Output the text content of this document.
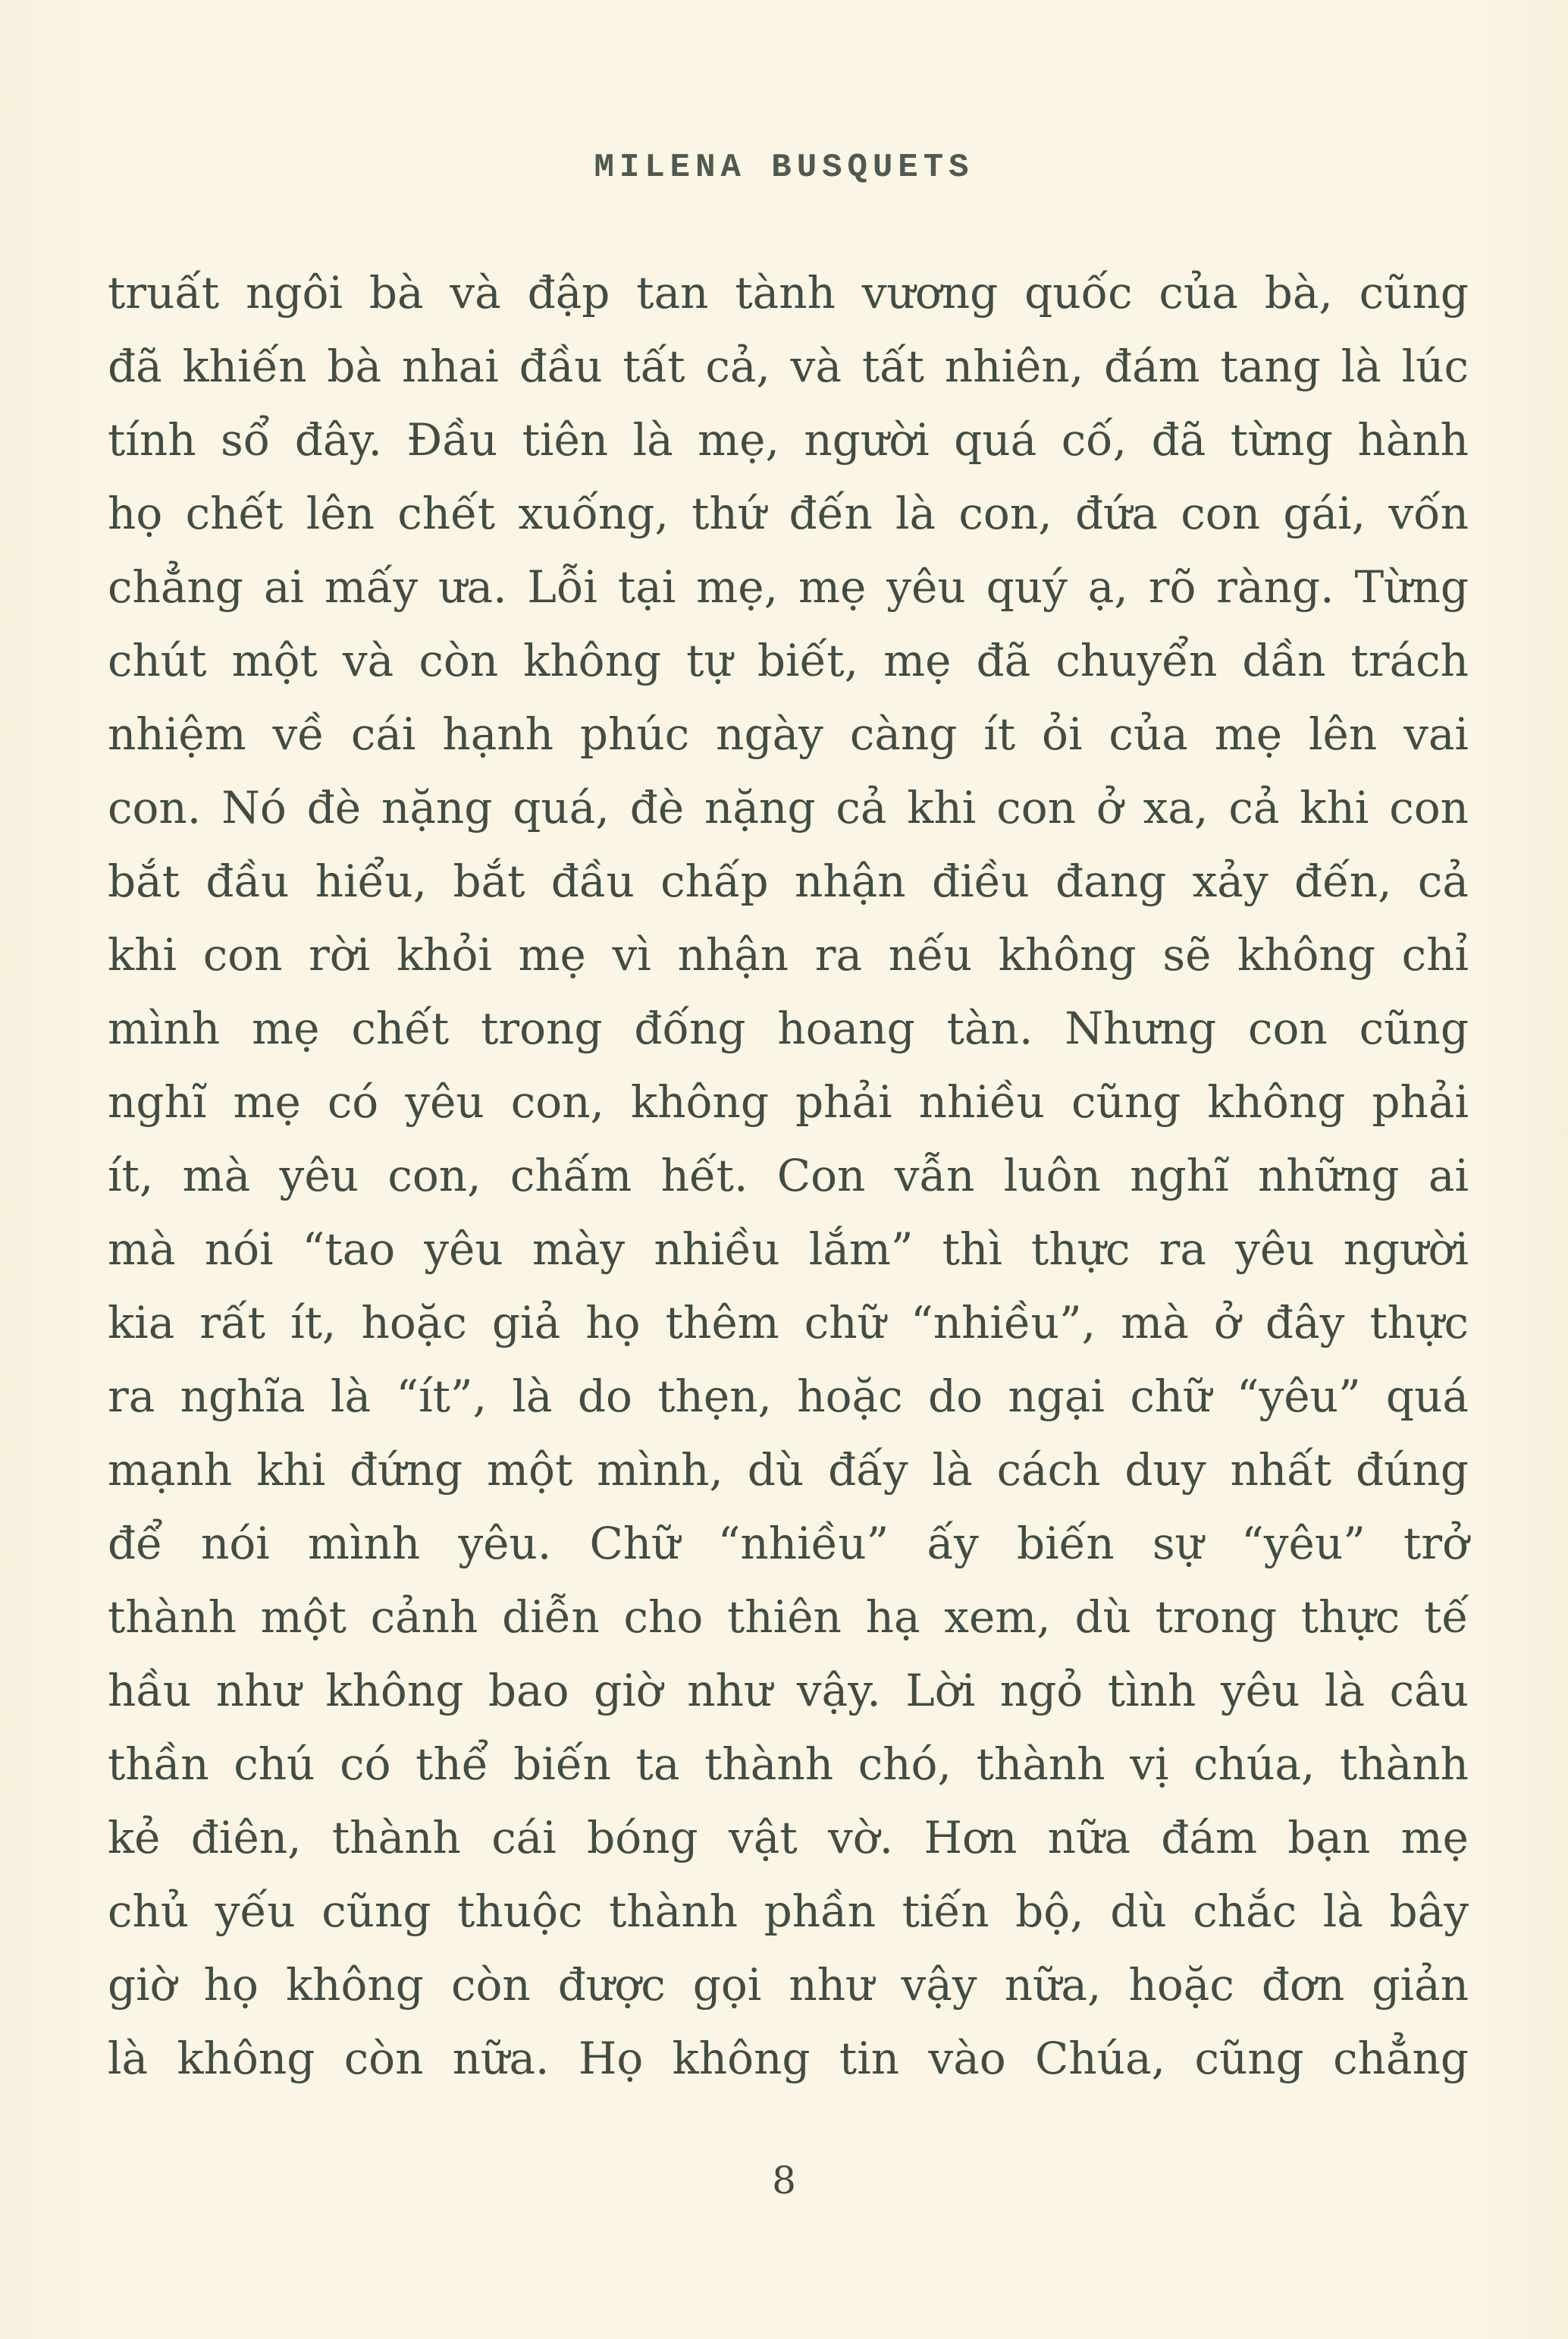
MILENA BUSQUETS
truất ngôi bà và đập tan tành vương quốc của bà, cũng
đã khiến bà nhai đầu tất cả, và tất nhiên, đám tang là lúc
tính sổ đây. Đầu tiên là mẹ, người quá cố, đã từng hành
họ chết lên chết xuống, thứ đến là con, đứa con gái, vốn
chẳng ai mấy ưa. Lỗi tại mẹ, mẹ yêu quý ạ, rõ ràng. Từng
chút một và còn không tự biết, mẹ đã chuyển dần trách
nhiệm về cái hạnh phúc ngày càng ít ỏi của mẹ lên vai
con. Nó đè nặng quá, đè nặng cả khi con ở xa, cả khi con
bắt đầu hiểu, bắt đầu chấp nhận điều đang xảy đến, cả
khi con rời khỏi mẹ vì nhận ra nếu không sẽ không chỉ
mình mẹ chết trong đống hoang tàn. Nhưng con cũng
nghĩ mẹ có yêu con, không phải nhiều cũng không phải
ít, mà yêu con, chấm hết. Con vẫn luôn nghĩ những ai
mà nói “tao yêu mày nhiều lắm” thì thực ra yêu người
kia rất ít, hoặc giả họ thêm chữ “nhiều”, mà ở đây thực
ra nghĩa là “ít”, là do thẹn, hoặc do ngại chữ “yêu” quá
mạnh khi đứng một mình, dù đấy là cách duy nhất đúng
để nói mình yêu. Chữ “nhiều” ấy biến sự “yêu” trở
thành một cảnh diễn cho thiên hạ xem, dù trong thực tế
hầu như không bao giờ như vậy. Lời ngỏ tình yêu là câu
thần chú có thể biến ta thành chó, thành vị chúa, thành
kẻ điên, thành cái bóng vật vờ. Hơn nữa đám bạn mẹ
chủ yếu cũng thuộc thành phần tiến bộ, dù chắc là bây
giờ họ không còn được gọi như vậy nữa, hoặc đơn giản
là không còn nữa. Họ không tin vào Chúa, cũng chẳng
8
